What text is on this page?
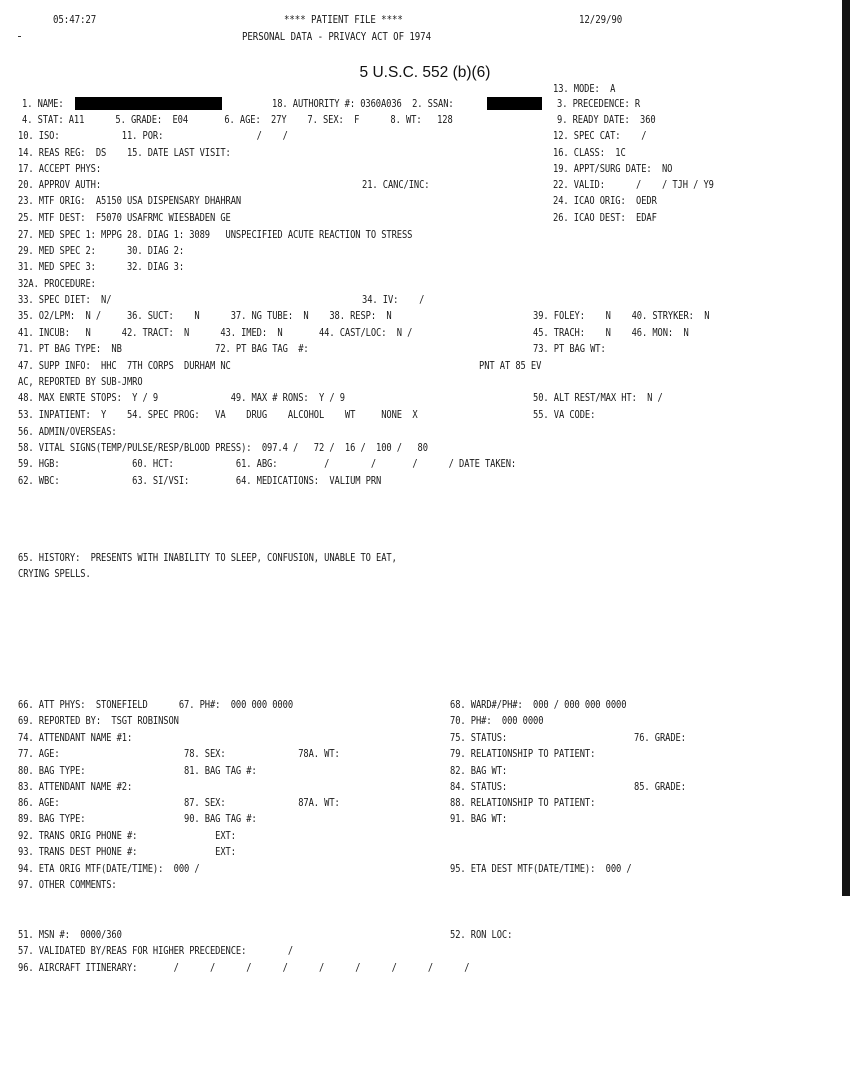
05:47:27	**** PATIENT FILE ****	12/29/90
PERSONAL DATA - PRIVACY ACT OF 1974
5 U.S.C. 552 (b)(6)
13. MODE:  A
1. NAME:	18. AUTHORITY #: 0360A036  2. SSAN:	3. PRECEDENCE: R
4. STAT: A11      5. GRADE:  E04       6. AGE:  27Y    7. SEX:  F      8. WT:   128	9. READY DATE:  360
10. ISO:            11. POR:                  /    /	12. SPEC CAT:    /
14. REAS REG:  DS    15. DATE LAST VISIT:	16. CLASS:  1C
17. ACCEPT PHYS:	19. APPT/SURG DATE:  NO
20. APPROV AUTH:	21. CANC/INC:	22. VALID:      /    / TJH / Y9
23. MTF ORIG:  A5150 USA DISPENSARY DHAHRAN	24. ICAO ORIG:  OEDR
25. MTF DEST:  F5070 USAFRMC WIESBADEN GE	26. ICAO DEST:  EDAF
27. MED SPEC 1: MPPG 28. DIAG 1: 3089   UNSPECIFIED ACUTE REACTION TO STRESS
29. MED SPEC 2:      30. DIAG 2:
31. MED SPEC 3:      32. DIAG 3:
32A. PROCEDURE:
33. SPEC DIET:  N/	34. IV:    /
35. O2/LPM:  N /     36. SUCT:    N      37. NG TUBE:  N    38. RESP:  N	39. FOLEY:    N    40. STRYKER:  N
41. INCUB:   N      42. TRACT:  N      43. IMED:  N       44. CAST/LOC:  N /	45. TRACH:    N    46. MON:  N
71. PT BAG TYPE:  NB                  72. PT BAG TAG  #:	73. PT BAG WT:
47. SUPP INFO:  HHC  7TH CORPS  DURHAM NC	PNT AT 85 EV
AC, REPORTED BY SUB-JMRO
48. MAX ENRTE STOPS:  Y / 9              49. MAX # RONS:  Y / 9	50. ALT REST/MAX HT:  N /
53. INPATIENT:  Y    54. SPEC PROG:   VA    DRUG    ALCOHOL    WT     NONE  X	55. VA CODE:
56. ADMIN/OVERSEAS:
58. VITAL SIGNS(TEMP/PULSE/RESP/BLOOD PRESS):  097.4 /   72 /  16 /  100 /   80
59. HGB:              60. HCT:            61. ABG:         /        /       /      / DATE TAKEN:
62. WBC:              63. SI/VSI:         64. MEDICATIONS:  VALIUM PRN
65. HISTORY:  PRESENTS WITH INABILITY TO SLEEP, CONFUSION, UNABLE TO EAT,
CRYING SPELLS.
66. ATT PHYS:  STONEFIELD      67. PH#:  000 000 0000	68. WARD#/PH#:  000 / 000 000 0000
69. REPORTED BY:  TSGT ROBINSON	70. PH#:  000 0000
74. ATTENDANT NAME #1:	75. STATUS:	76. GRADE:
77. AGE:                        78. SEX:              78A. WT:	79. RELATIONSHIP TO PATIENT:
80. BAG TYPE:                   81. BAG TAG #:	82. BAG WT:
83. ATTENDANT NAME #2:	84. STATUS:	85. GRADE:
86. AGE:                        87. SEX:              87A. WT:	88. RELATIONSHIP TO PATIENT:
89. BAG TYPE:                   90. BAG TAG #:	91. BAG WT:
92. TRANS ORIG PHONE #:               EXT:
93. TRANS DEST PHONE #:               EXT:
94. ETA ORIG MTF(DATE/TIME):  000 /	95. ETA DEST MTF(DATE/TIME):  000 /
97. OTHER COMMENTS:
51. MSN #:  0000/360	52. RON LOC:
57. VALIDATED BY/REAS FOR HIGHER PRECEDENCE:        /
96. AIRCRAFT ITINERARY:       /      /      /      /      /      /      /      /      /
